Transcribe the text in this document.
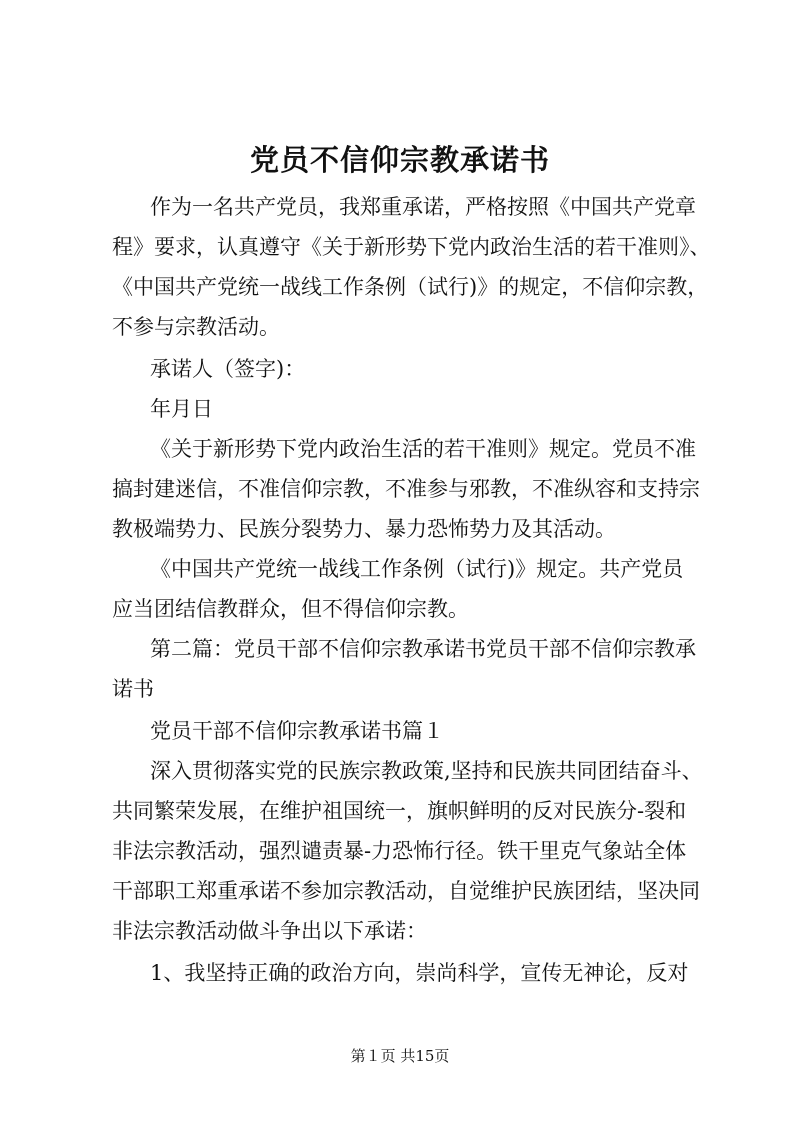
党员不信仰宗教承诺书
作为一名共产党员，我郑重承诺，严格按照《中国共产党章
程》要求，认真遵守《关于新形势下党内政治生活的若干准则》、
《中国共产党统一战线工作条例（试行)》的规定，不信仰宗教，
不参与宗教活动。
承诺人（签字)：
年月日
《关于新形势下党内政治生活的若干准则》规定。党员不准
搞封建迷信，不准信仰宗教，不准参与邪教，不准纵容和支持宗
教极端势力、民族分裂势力、暴力恐怖势力及其活动。
《中国共产党统一战线工作条例（试行)》规定。共产党员
应当团结信教群众，但不得信仰宗教。
第二篇：党员干部不信仰宗教承诺书党员干部不信仰宗教承
诺书
党员干部不信仰宗教承诺书篇１
深入贯彻落实党的民族宗教政策,坚持和民族共同团结奋斗、
共同繁荣发展，在维护祖国统一，旗帜鲜明的反对民族分-裂和
非法宗教活动，强烈谴责暴-力恐怖行径。铁干里克气象站全体
干部职工郑重承诺不参加宗教活动，自觉维护民族团结，坚决同
非法宗教活动做斗争出以下承诺：
1、我坚持正确的政治方向，崇尚科学，宣传无神论，反对
第１页 共15页
